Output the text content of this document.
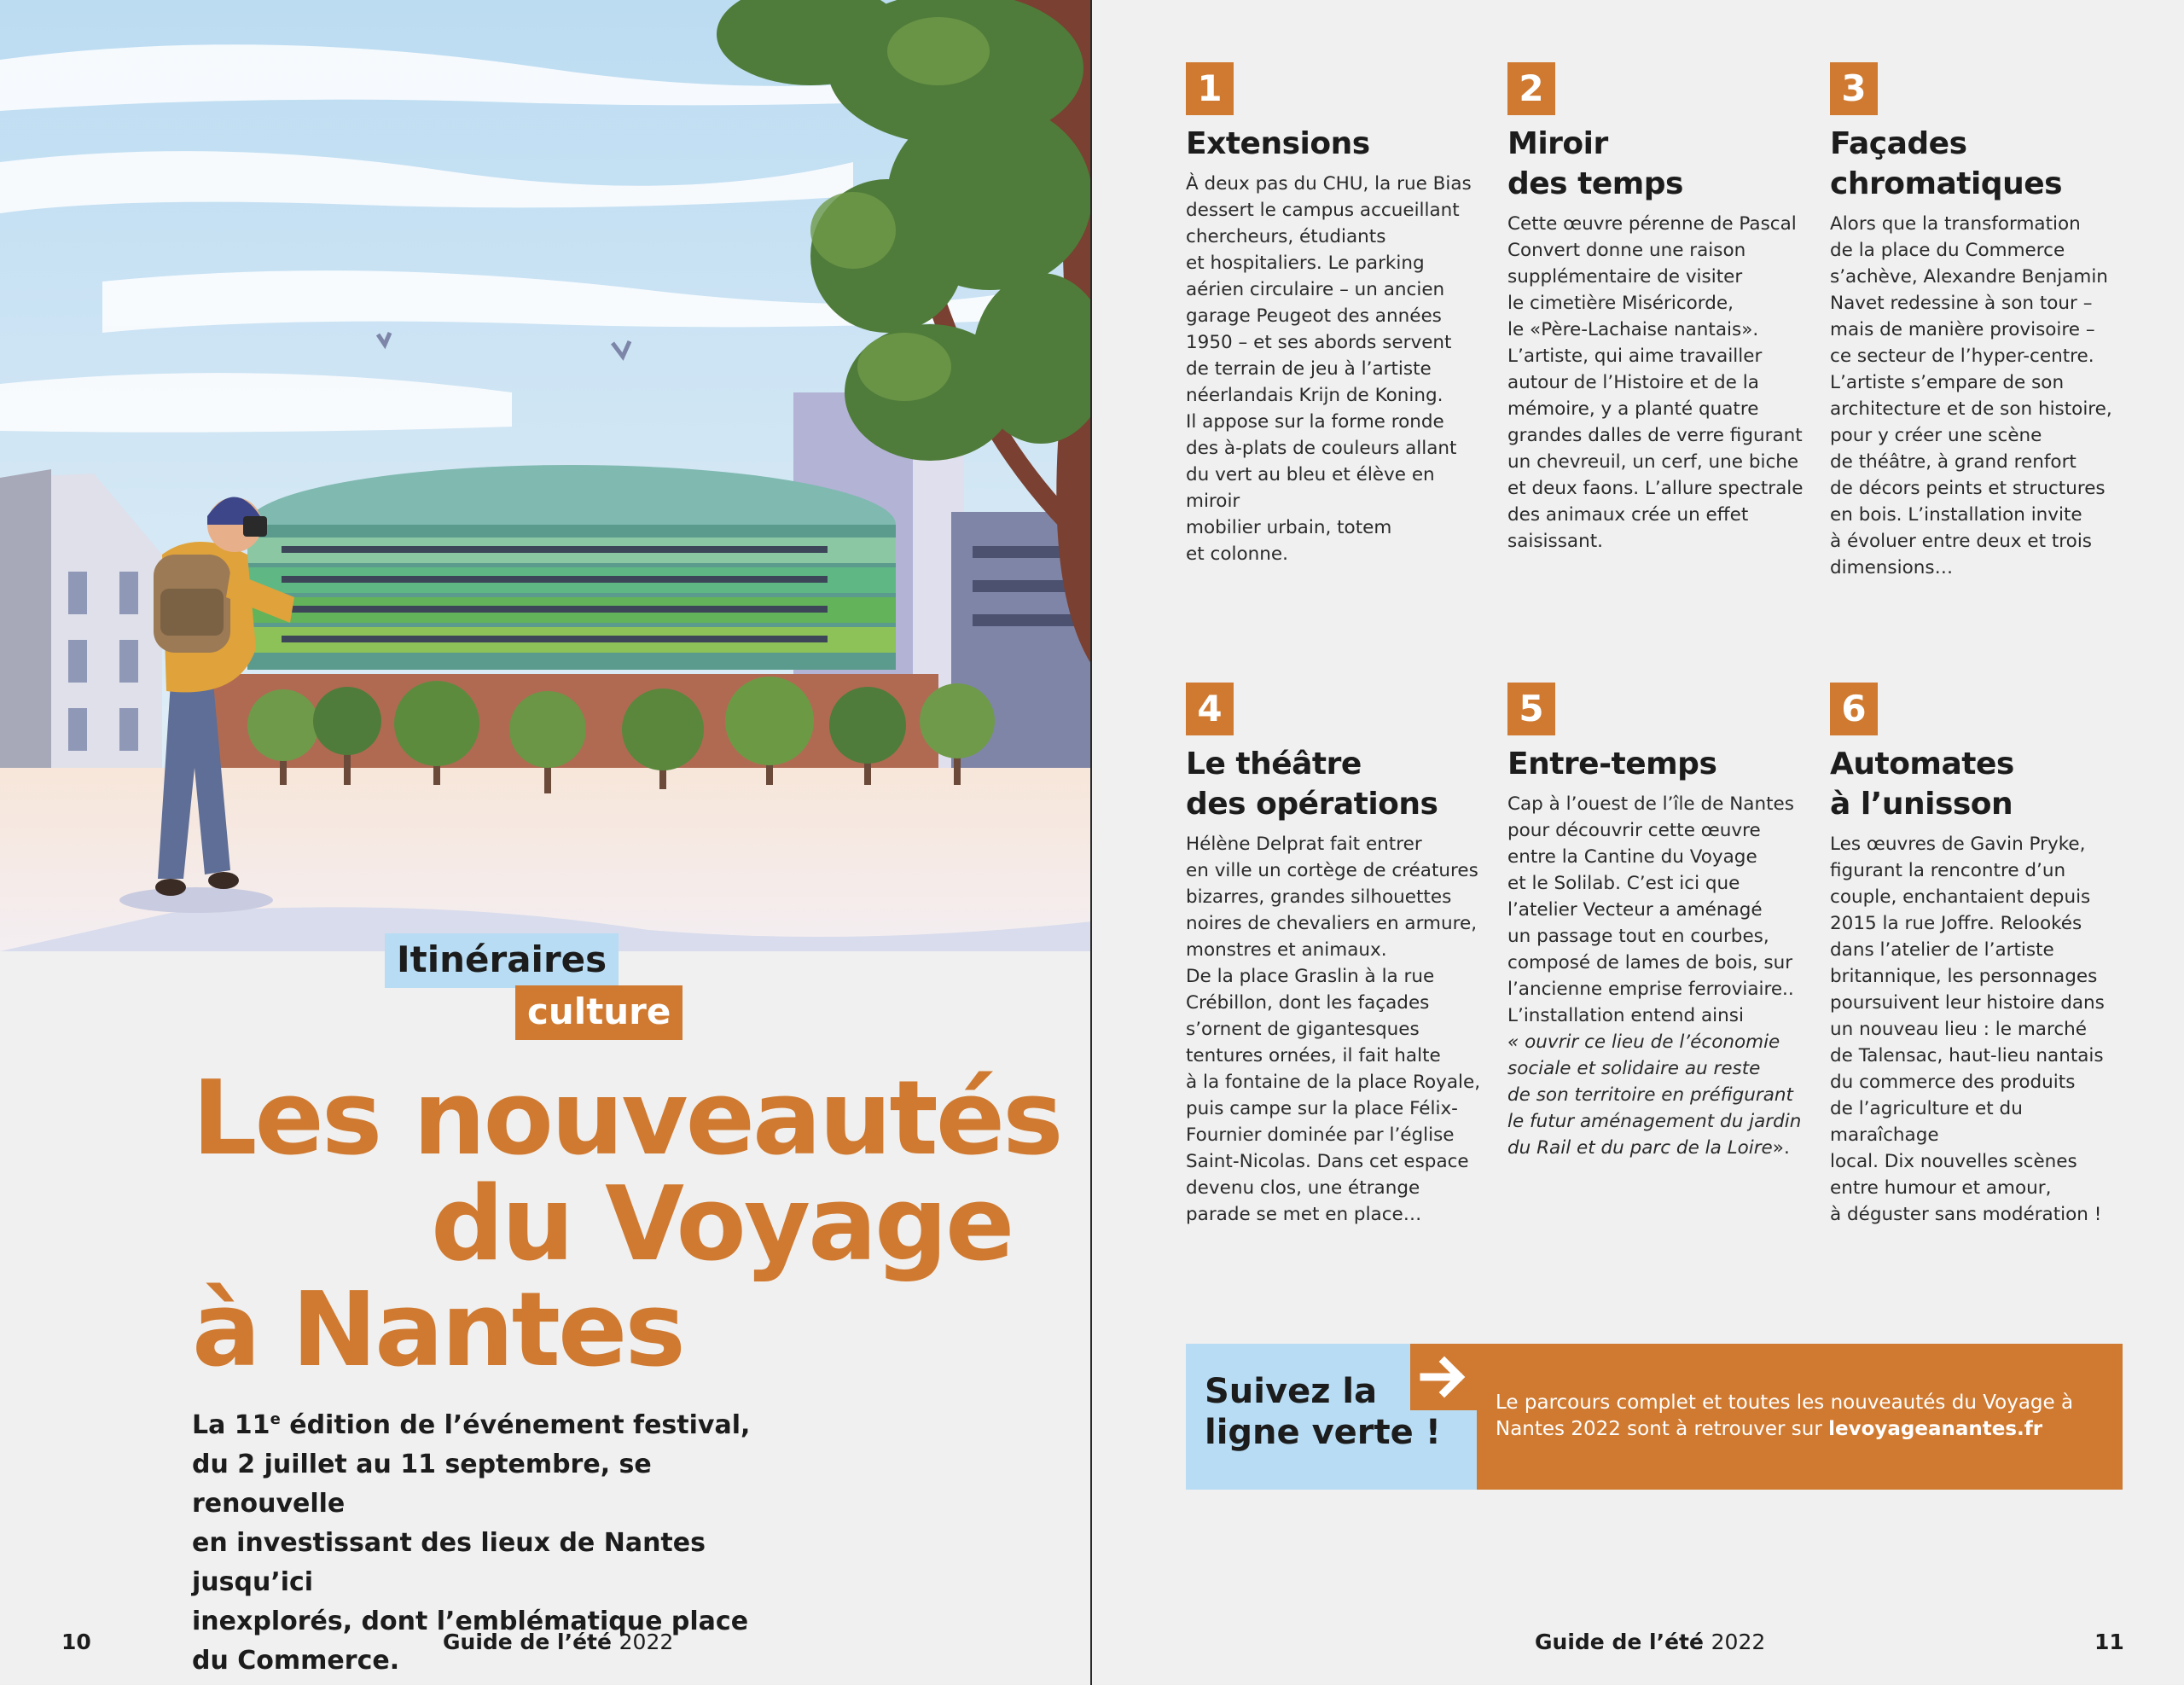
Itinéraires
culture
Les nouveautés
du Voyage
à Nantes
La 11e édition de l’événement festival,
du 2 juillet au 11 septembre, se renouvelle
en investissant des lieux de Nantes jusqu’ici
inexplorés, dont l’emblématique place
du Commerce.
10	Guide de l’été 2022
1
Extensions
À deux pas du CHU, la rue Bias
dessert le campus accueillant
chercheurs, étudiants
et hospitaliers. Le parking
aérien circulaire – un ancien
garage Peugeot des années
1950 – et ses abords servent
de terrain de jeu à l’artiste
néerlandais Krijn de Koning.
Il appose sur la forme ronde
des à-plats de couleurs allant
du vert au bleu et élève en miroir
mobilier urbain, totem
et colonne.
2
Miroir
des temps
Cette œuvre pérenne de Pascal
Convert donne une raison
supplémentaire de visiter
le cimetière Miséricorde,
le «Père-Lachaise nantais».
L’artiste, qui aime travailler
autour de l’Histoire et de la
mémoire, y a planté quatre
grandes dalles de verre figurant
un chevreuil, un cerf, une biche
et deux faons. L’allure spectrale
des animaux crée un effet
saisissant.
3
Façades
chromatiques
Alors que la transformation
de la place du Commerce
s’achève, Alexandre Benjamin
Navet redessine à son tour –
mais de manière provisoire –
ce secteur de l’hyper-centre.
L’artiste s’empare de son
architecture et de son histoire,
pour y créer une scène
de théâtre, à grand renfort
de décors peints et structures
en bois. L’installation invite
à évoluer entre deux et trois
dimensions…
4
Le théâtre
des opérations
Hélène Delprat fait entrer
en ville un cortège de créatures
bizarres, grandes silhouettes
noires de chevaliers en armure,
monstres et animaux.
De la place Graslin à la rue
Crébillon, dont les façades
s’ornent de gigantesques
tentures ornées, il fait halte
à la fontaine de la place Royale,
puis campe sur la place Félix-
Fournier dominée par l’église
Saint-Nicolas. Dans cet espace
devenu clos, une étrange
parade se met en place…
5
Entre-temps
Cap à l’ouest de l’île de Nantes
pour découvrir cette œuvre
entre la Cantine du Voyage
et le Solilab. C’est ici que
l’atelier Vecteur a aménagé
un passage tout en courbes,
composé de lames de bois, sur
l’ancienne emprise ferroviaire..
L’installation entend ainsi
« ouvrir ce lieu de l’économie
sociale et solidaire au reste
de son territoire en préfigurant
le futur aménagement du jardin
du Rail et du parc de la Loire».
6
Automates
à l’unisson
Les œuvres de Gavin Pryke,
figurant la rencontre d’un
couple, enchantaient depuis
2015 la rue Joffre. Relookés
dans l’atelier de l’artiste
britannique, les personnages
poursuivent leur histoire dans
un nouveau lieu : le marché
de Talensac, haut-lieu nantais
du commerce des produits
de l’agriculture et du maraîchage
local. Dix nouvelles scènes
entre humour et amour,
à déguster sans modération !
Suivez la
ligne verte !
Le parcours complet et toutes les nouveautés du Voyage à Nantes 2022 sont à retrouver sur levoyageanantes.fr
Guide de l’été 2022	11
